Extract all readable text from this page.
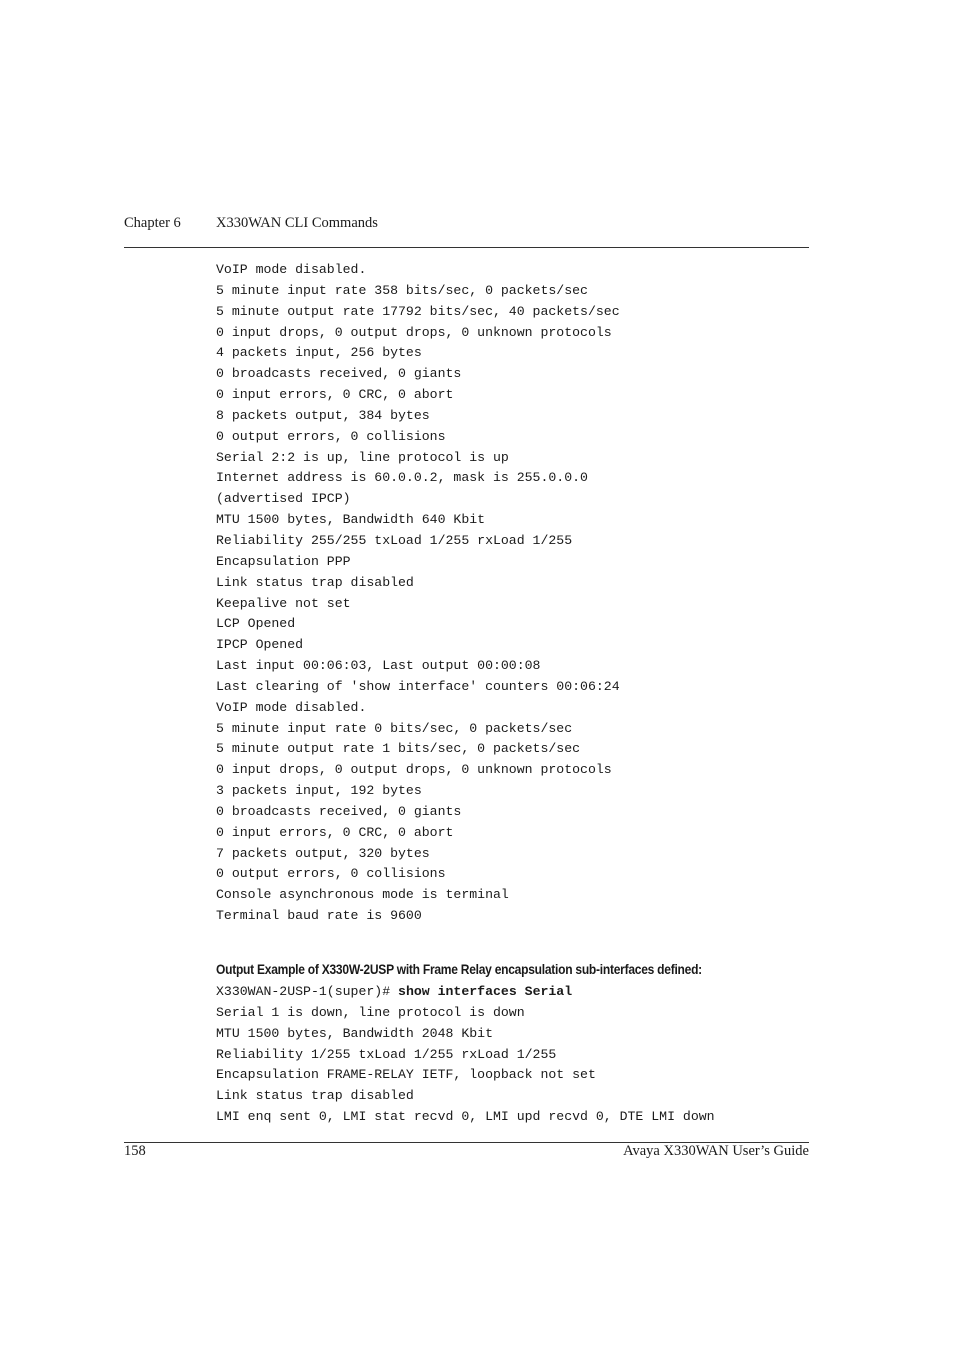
Chapter 6 X330WAN CLI Commands
VoIP mode disabled.
5 minute input rate 358 bits/sec, 0 packets/sec
5 minute output rate 17792 bits/sec, 40 packets/sec
0 input drops, 0 output drops, 0 unknown protocols
4 packets input, 256 bytes
0 broadcasts received, 0 giants
0 input errors, 0 CRC, 0 abort
8 packets output, 384 bytes
0 output errors, 0 collisions
Serial 2:2 is up, line protocol is up
Internet address is 60.0.0.2, mask is 255.0.0.0
(advertised IPCP)
MTU 1500 bytes, Bandwidth 640 Kbit
Reliability 255/255 txLoad 1/255 rxLoad 1/255
Encapsulation PPP
Link status trap disabled
Keepalive not set
LCP Opened
IPCP Opened
Last input 00:06:03, Last output 00:00:08
Last clearing of 'show interface' counters 00:06:24
VoIP mode disabled.
5 minute input rate 0 bits/sec, 0 packets/sec
5 minute output rate 1 bits/sec, 0 packets/sec
0 input drops, 0 output drops, 0 unknown protocols
3 packets input, 192 bytes
0 broadcasts received, 0 giants
0 input errors, 0 CRC, 0 abort
7 packets output, 320 bytes
0 output errors, 0 collisions
Console asynchronous mode is terminal
Terminal baud rate is 9600
Output Example of X330W-2USP with Frame Relay encapsulation sub-interfaces defined:
X330WAN-2USP-1(super)# show interfaces Serial
Serial 1 is down, line protocol is down
MTU 1500 bytes, Bandwidth 2048 Kbit
Reliability 1/255 txLoad 1/255 rxLoad 1/255
Encapsulation FRAME-RELAY IETF, loopback not set
Link status trap disabled
LMI enq sent 0, LMI stat recvd 0, LMI upd recvd 0, DTE LMI down
158	Avaya X330WAN User’s Guide
